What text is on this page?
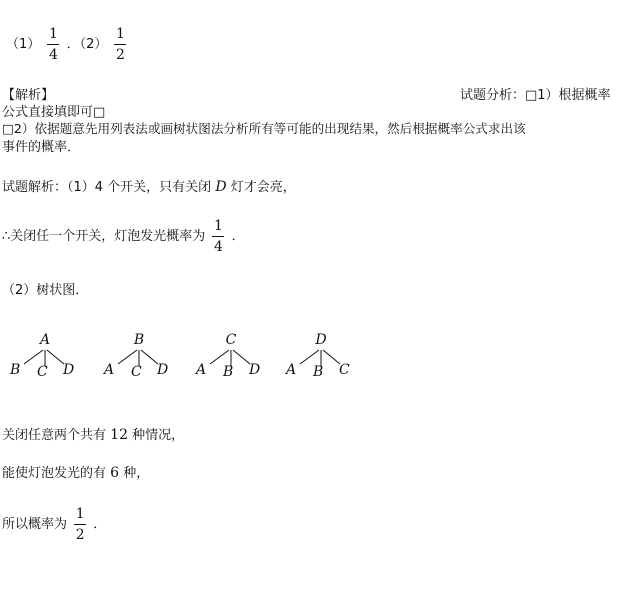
$(1) \frac{1}{4}$ ．$(2) \frac{1}{2}$
【解析】	试题分析：□1）根据概率
公式直接填即可□
□2）依据题意先用列表法或画树状图法分析所有等可能的出现结果，然后根据概率公式求出该
事件的概率．
试题解析：（1）4 个开关，只有关闭 D 灯才会亮，
∴关闭任一个开关，灯泡发光概率为 $\frac{1}{4}$ ．
（2）树状图．
A
B C D
B
A C D
C
A B D
D
A B C
关闭任意两个共有 12 种情况，
能使灯泡发光的有 6 种，
所以概率为 $\frac{1}{2}$ ．
